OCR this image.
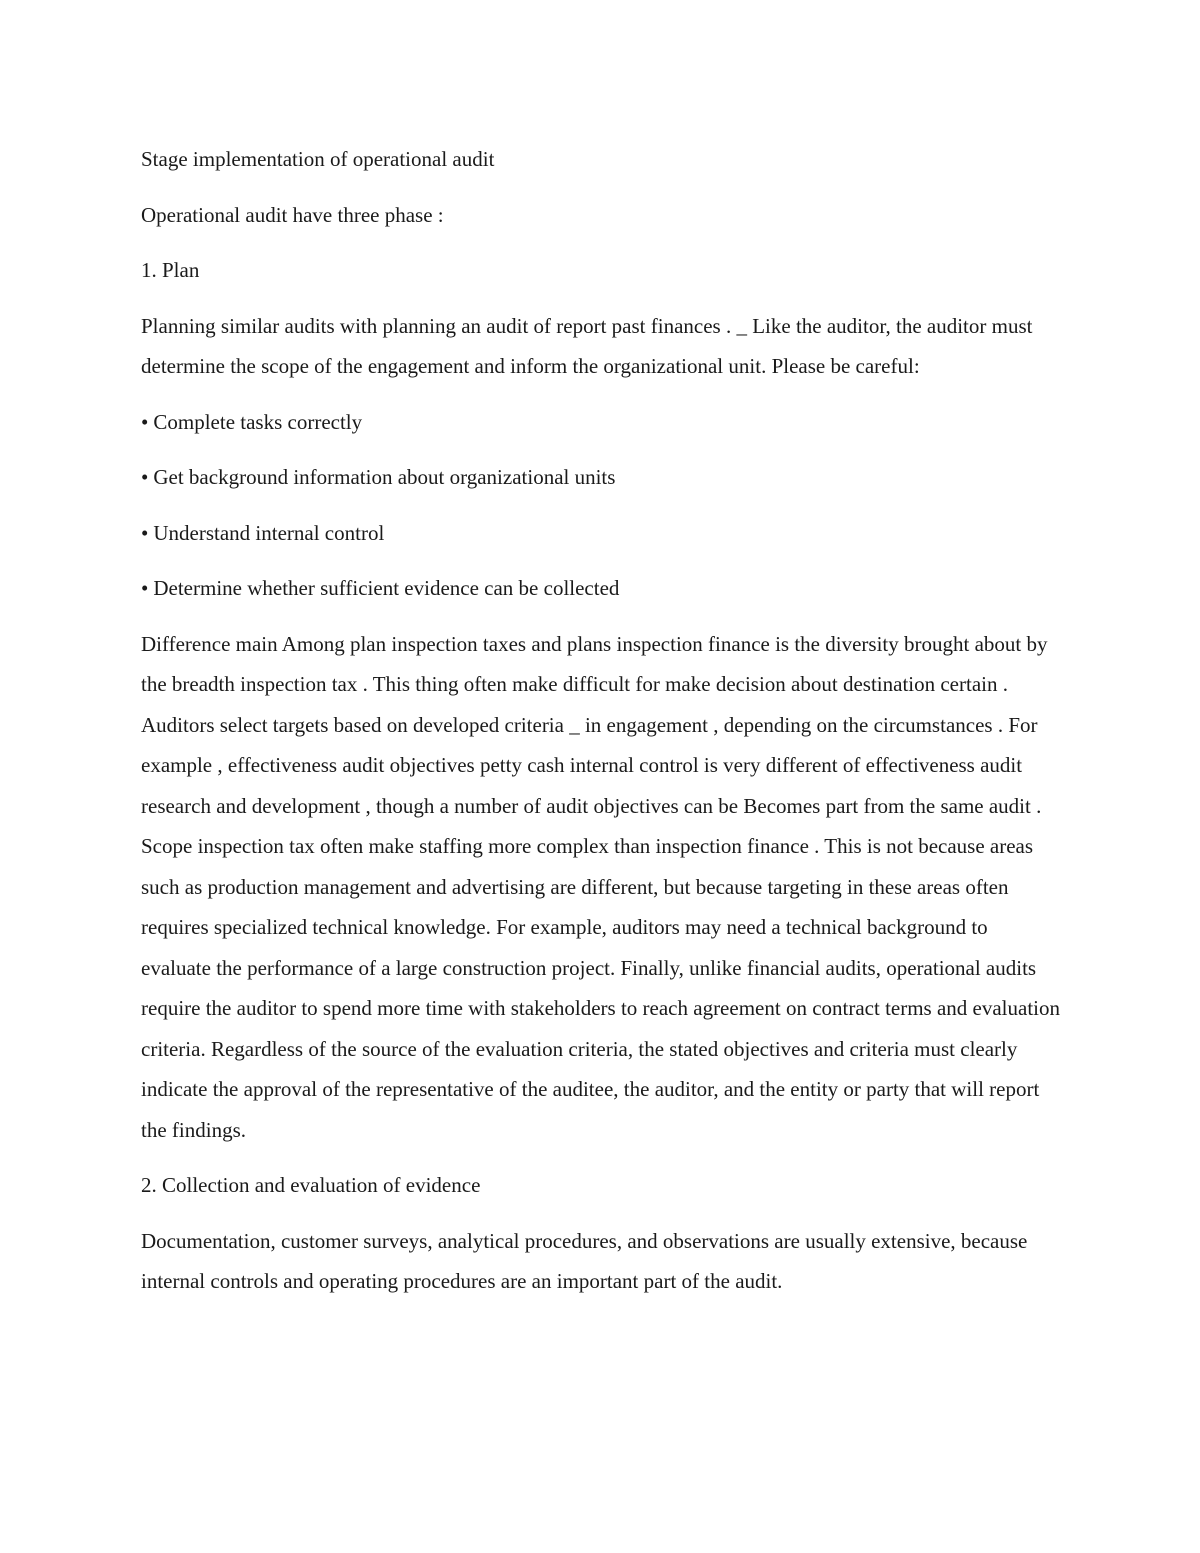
Stage implementation of operational audit

Operational audit have three phase :

1. Plan

Planning similar audits with planning an audit of report past finances . _ Like the auditor, the auditor must determine the scope of the engagement and inform the organizational unit. Please be careful:

• Complete tasks correctly
• Get background information about organizational units
• Understand internal control
• Determine whether sufficient evidence can be collected

Difference main Among plan inspection taxes and plans inspection finance is the diversity brought about by the breadth inspection tax . This thing often make difficult for make decision about destination certain . Auditors select targets based on developed criteria _ in engagement , depending on the circumstances . For example , effectiveness audit objectives petty cash internal control is very different of effectiveness audit research and development , though a number of audit objectives can be Becomes part from the same audit . Scope inspection tax often make staffing more complex than inspection finance . This is not because areas such as production management and advertising are different, but because targeting in these areas often requires specialized technical knowledge. For example, auditors may need a technical background to evaluate the performance of a large construction project. Finally, unlike financial audits, operational audits require the auditor to spend more time with stakeholders to reach agreement on contract terms and evaluation criteria. Regardless of the source of the evaluation criteria, the stated objectives and criteria must clearly indicate the approval of the representative of the auditee, the auditor, and the entity or party that will report the findings.

2. Collection and evaluation of evidence

Documentation, customer surveys, analytical procedures, and observations are usually extensive, because internal controls and operating procedures are an important part of the audit.
